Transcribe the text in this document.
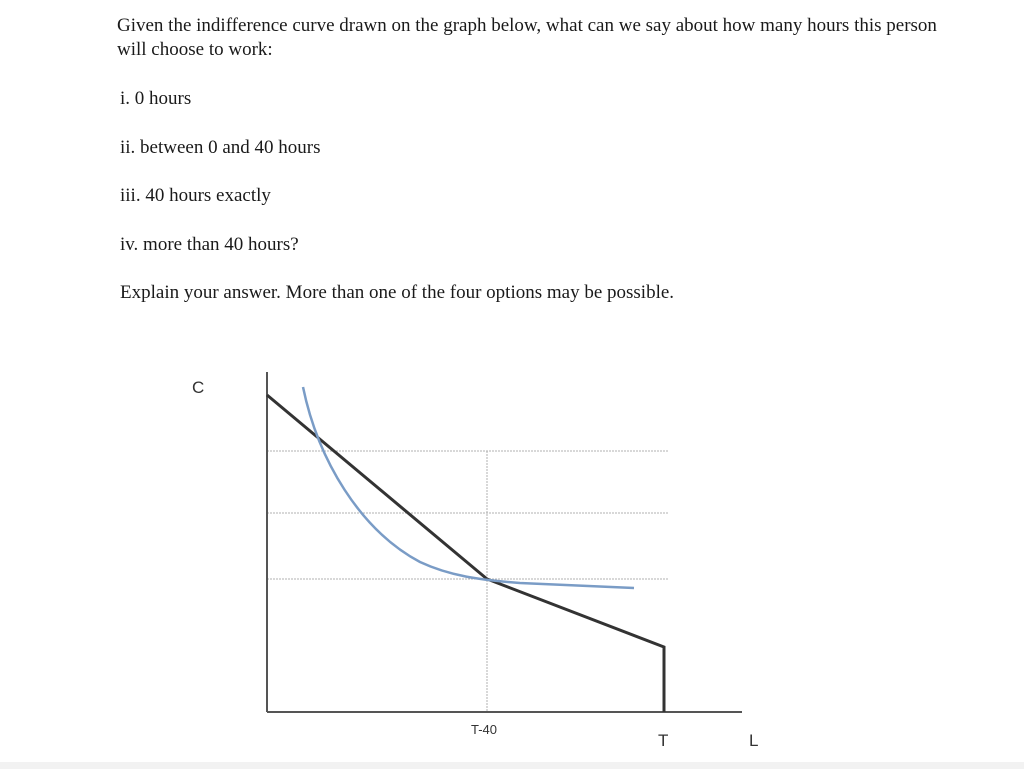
Given the indifference curve drawn on the graph below, what can we say about how many hours this person will choose to work:
i. 0 hours
ii. between 0 and 40 hours
iii. 40 hours exactly
iv. more than 40 hours?
Explain your answer. More than one of the four options may be possible.
C
T-40
T	L
